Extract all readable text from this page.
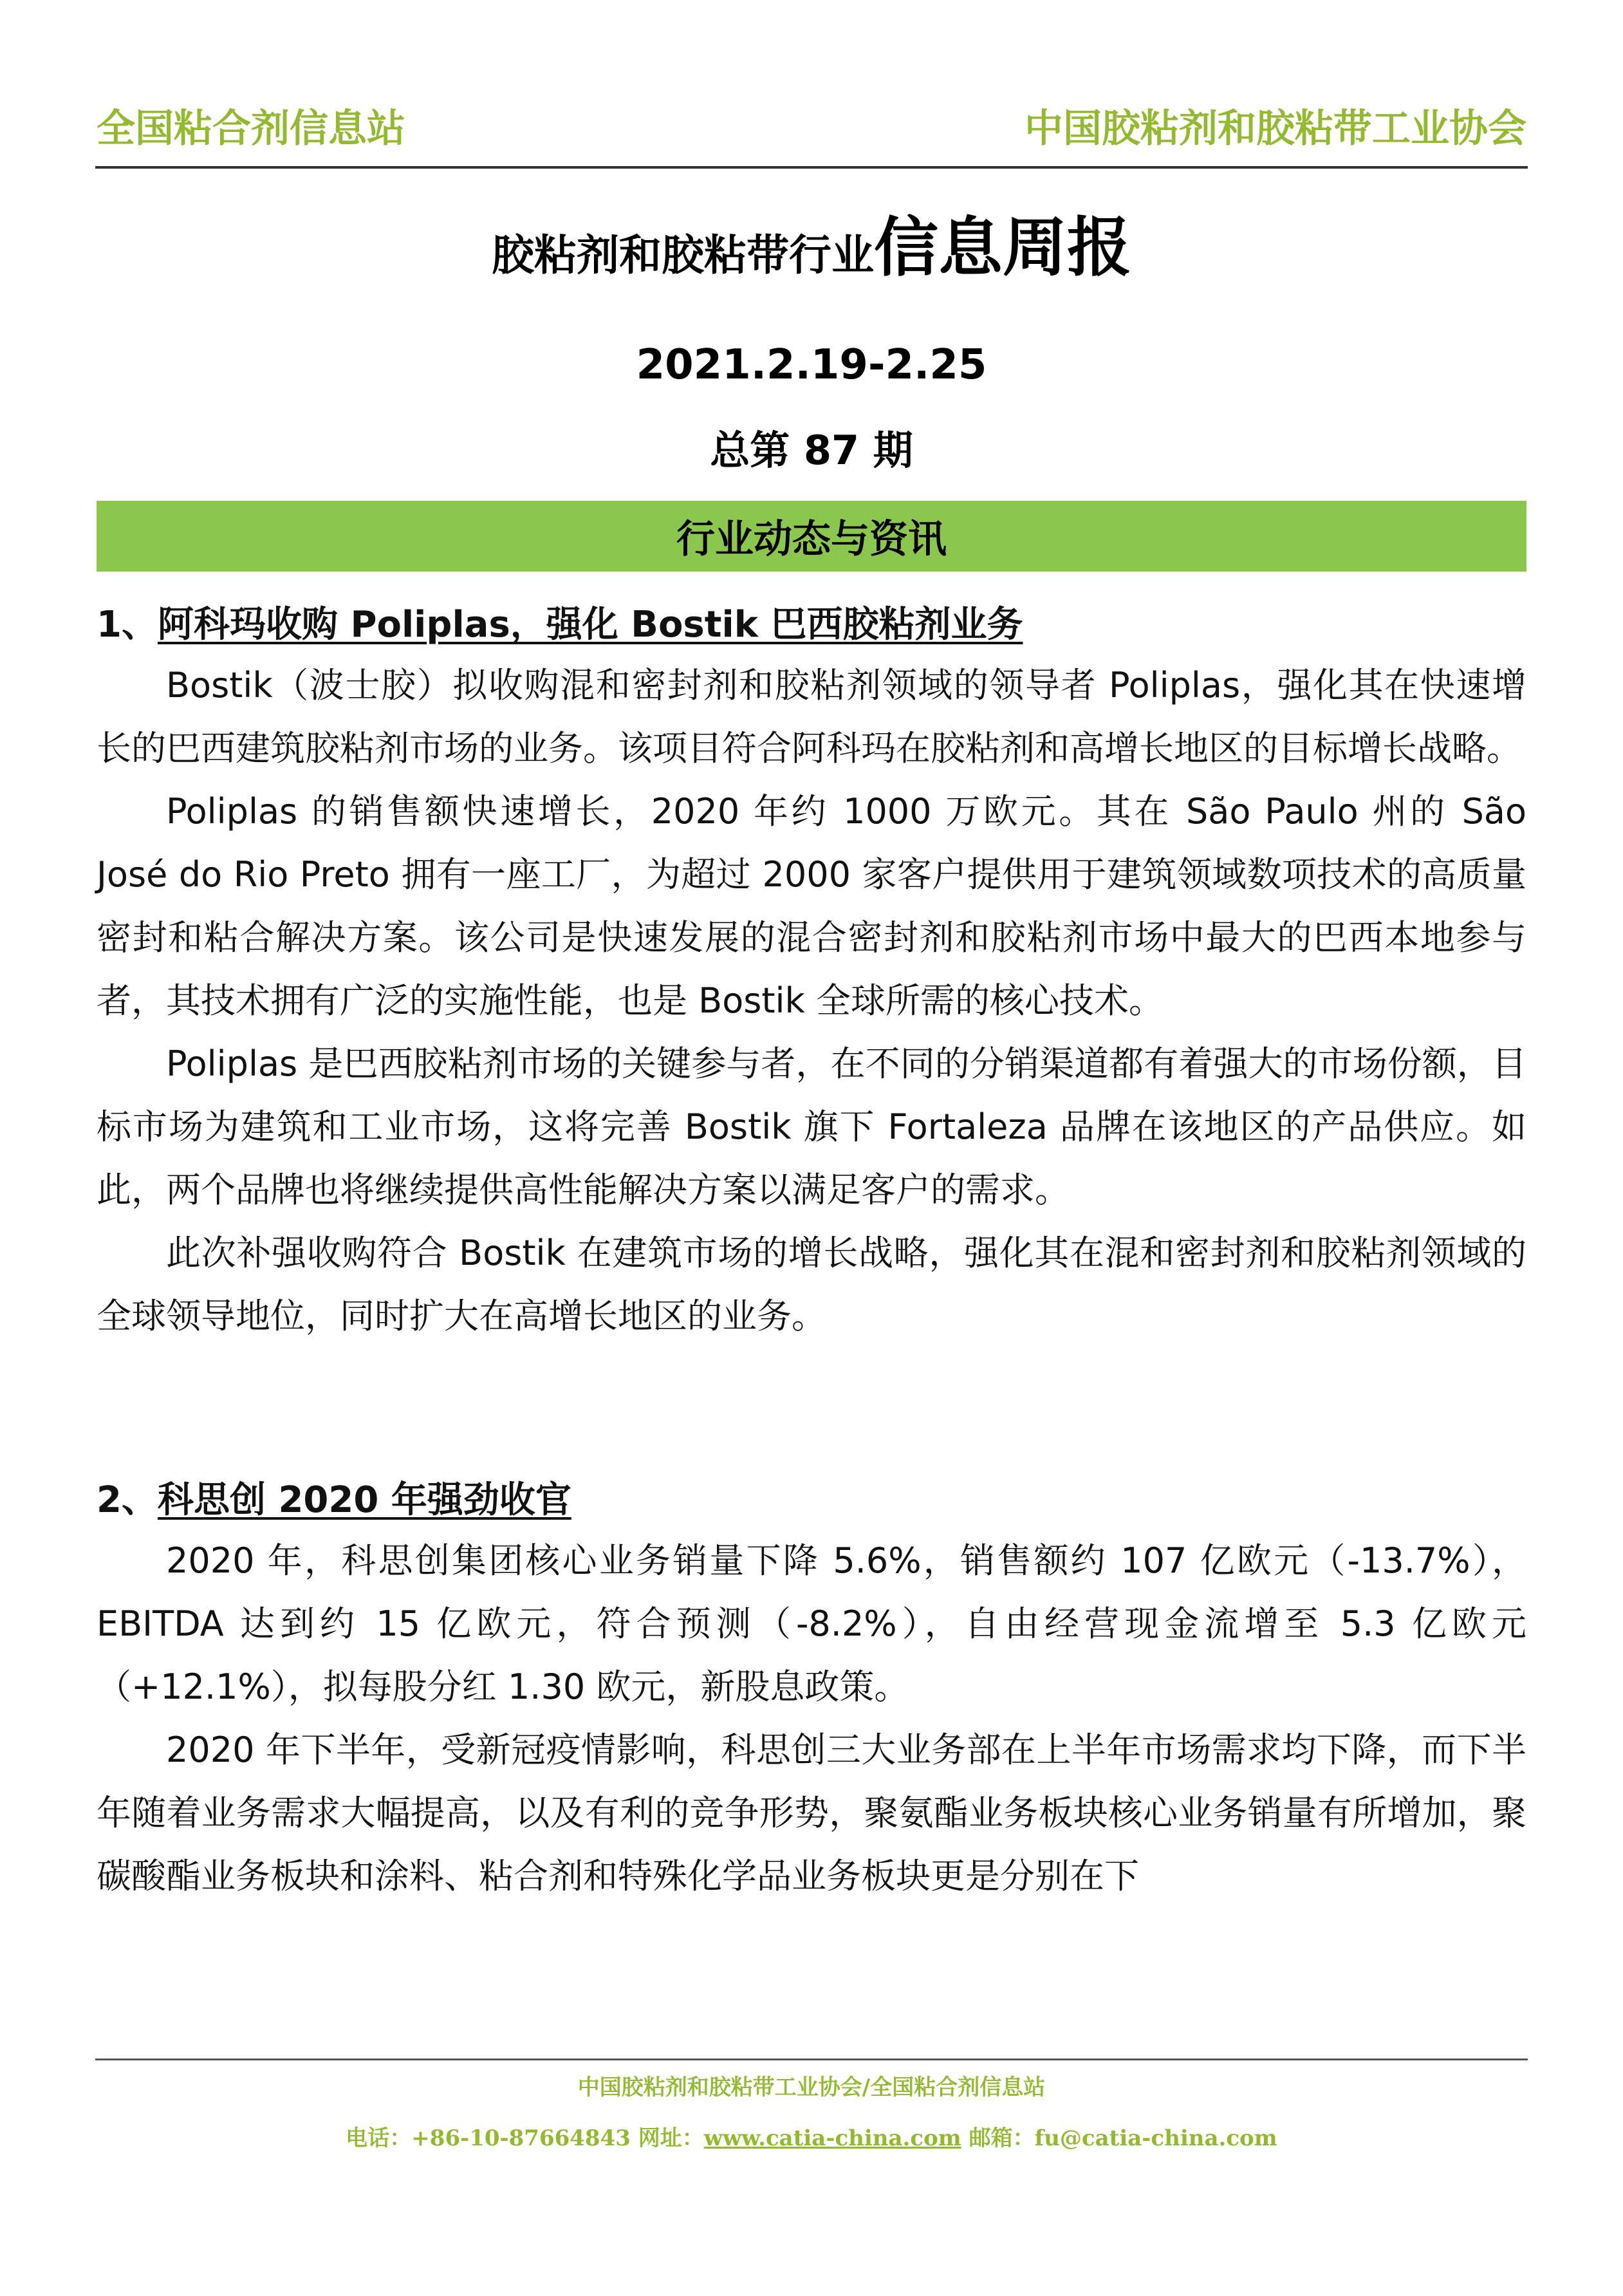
全国粘合剂信息站	中国胶粘剂和胶粘带工业协会
胶粘剂和胶粘带行业信息周报
2021.2.19-2.25
总第 87 期
行业动态与资讯

1、阿科玛收购 Poliplas，强化 Bostik 巴西胶粘剂业务

Bostik（波士胶）拟收购混和密封剂和胶粘剂领域的领导者 Poliplas，强化其在快速增长的巴西建筑胶粘剂市场的业务。该项目符合阿科玛在胶粘剂和高增长地区的目标增长战略。

Poliplas 的销售额快速增长，2020 年约 1000 万欧元。其在 São Paulo 州的 São José do Rio Preto 拥有一座工厂，为超过 2000 家客户提供用于建筑领域数项技术的高质量密封和粘合解决方案。该公司是快速发展的混合密封剂和胶粘剂市场中最大的巴西本地参与者，其技术拥有广泛的实施性能，也是 Bostik 全球所需的核心技术。

Poliplas 是巴西胶粘剂市场的关键参与者，在不同的分销渠道都有着强大的市场份额，目标市场为建筑和工业市场，这将完善 Bostik 旗下 Fortaleza 品牌在该地区的产品供应。如此，两个品牌也将继续提供高性能解决方案以满足客户的需求。

此次补强收购符合 Bostik 在建筑市场的增长战略，强化其在混和密封剂和胶粘剂领域的全球领导地位，同时扩大在高增长地区的业务。

2、科思创 2020 年强劲收官

2020 年，科思创集团核心业务销量下降 5.6%，销售额约 107 亿欧元（-13.7%），EBITDA 达到约 15 亿欧元，符合预测（-8.2%），自由经营现金流增至 5.3 亿欧元（+12.1%），拟每股分红 1.30 欧元，新股息政策。

2020 年下半年，受新冠疫情影响，科思创三大业务部在上半年市场需求均下降，而下半年随着业务需求大幅提高，以及有利的竞争形势，聚氨酯业务板块核心业务销量有所增加，聚碳酸酯业务板块和涂料、粘合剂和特殊化学品业务板块更是分别在下

中国胶粘剂和胶粘带工业协会/全国粘合剂信息站
电话：+86-10-87664843 网址：www.catia-china.com 邮箱：fu@catia-china.com
